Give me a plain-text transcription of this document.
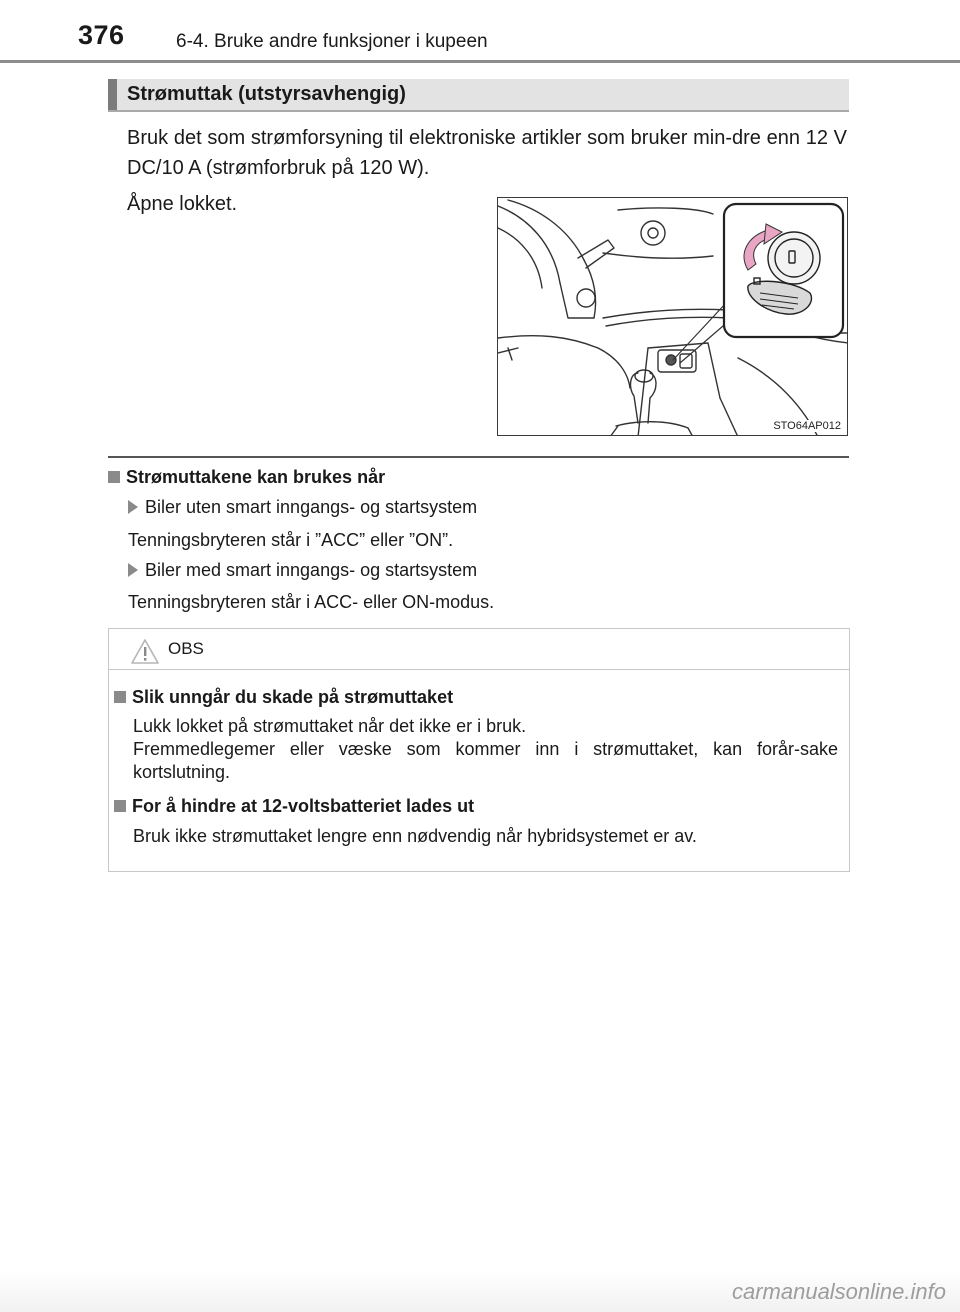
376	6-4. Bruke andre funksjoner i kupeen
Strømuttak (utstyrsavhengig)

Bruk det som strømforsyning til elektroniske artikler som bruker min-dre enn 12 V DC/10 A (strømforbruk på 120 W).

Åpne lokket.

STO64AP012
Strømuttakene kan brukes når
Biler uten smart inngangs- og startsystem
Tenningsbryteren står i ”ACC” eller ”ON”.
Biler med smart inngangs- og startsystem
Tenningsbryteren står i ACC- eller ON-modus.
OBS
Slik unngår du skade på strømuttaket

Lukk lokket på strømuttaket når det ikke er i bruk.

Fremmedlegemer eller væske som kommer inn i strømuttaket, kan forår-sake kortslutning.

For å hindre at 12-voltsbatteriet lades ut

Bruk ikke strømuttaket lengre enn nødvendig når hybridsystemet er av.

carmanualsonline.info
